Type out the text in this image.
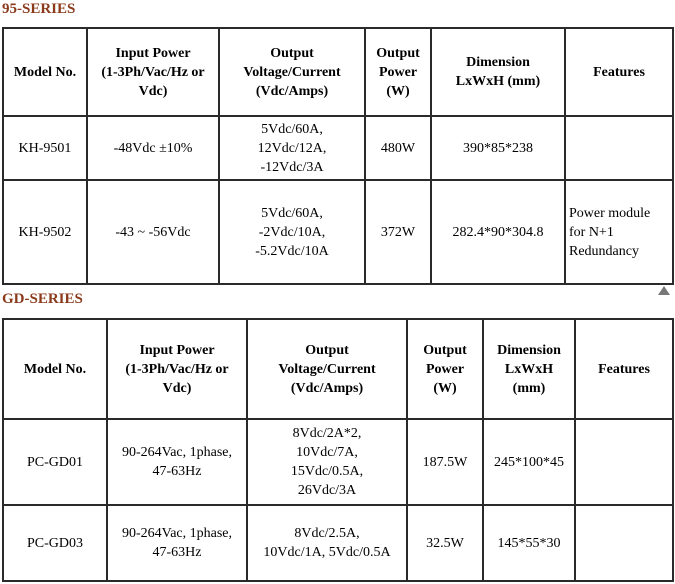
95-SERIES
Model No.	Input Power
(1-3Ph/Vac/Hz or
Vdc)	Output
Voltage/Current
(Vdc/Amps)	Output
Power
(W)	Dimension
LxWxH (mm)	Features
KH-9501	-48Vdc ±10%	5Vdc/60A,
12Vdc/12A,
-12Vdc/3A	480W	390*85*238	
KH-9502	-43 ~ -56Vdc	5Vdc/60A,
-2Vdc/10A,
-5.2Vdc/10A	372W	282.4*90*304.8	Power module
for N+1
Redundancy
GD-SERIES
Model No.	Input Power
(1-3Ph/Vac/Hz or
Vdc)	Output
Voltage/Current
(Vdc/Amps)	Output
Power
(W)	Dimension
LxWxH
(mm)	Features
PC-GD01	90-264Vac, 1phase,
47-63Hz	8Vdc/2A*2,
10Vdc/7A,
15Vdc/0.5A,
26Vdc/3A	187.5W	245*100*45	
PC-GD03	90-264Vac, 1phase,
47-63Hz	8Vdc/2.5A,
10Vdc/1A, 5Vdc/0.5A	32.5W	145*55*30	
